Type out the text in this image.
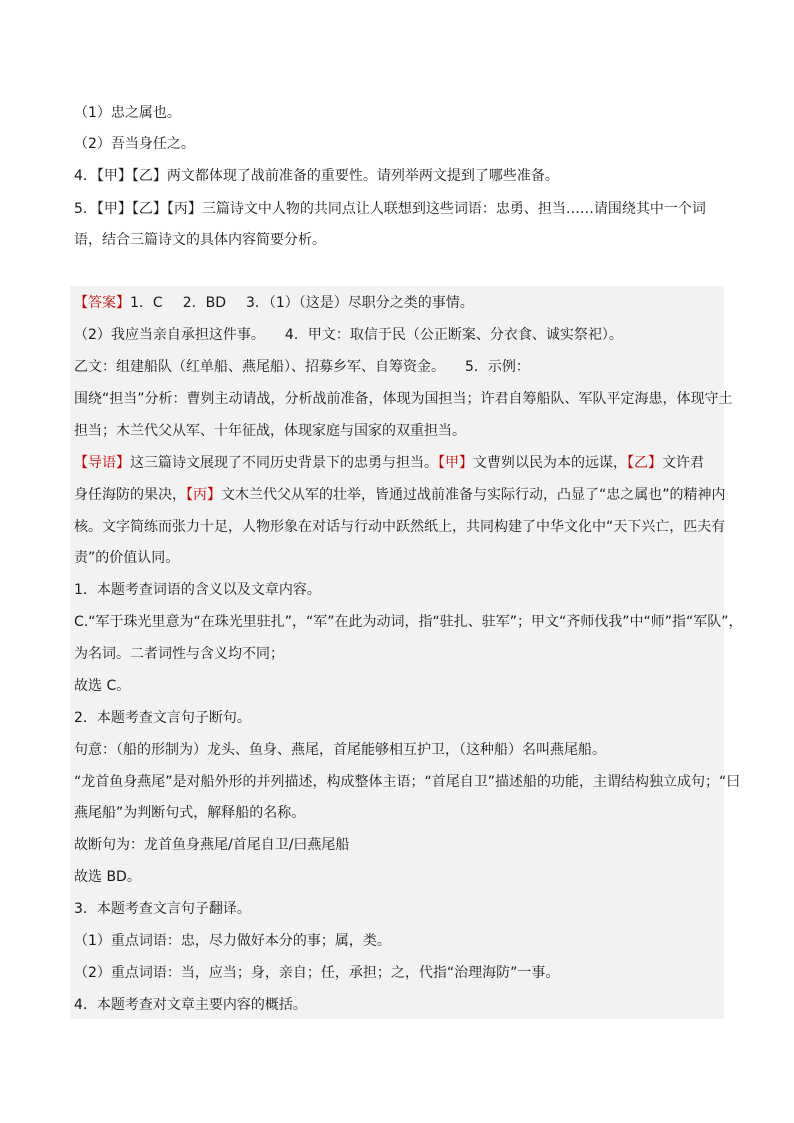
（1）忠之属也。
（2）吾当身任之。
4．【甲】【乙】两文都体现了战前准备的重要性。请列举两文提到了哪些准备。
5．【甲】【乙】【丙】三篇诗文中人物的共同点让人联想到这些词语：忠勇、担当……请围绕其中一个词
语，结合三篇诗文的具体内容简要分析。
【答案】1．C 2．BD 3．（1）（这是）尽职分之类的事情。
（2）我应当亲自承担这件事。 4．甲文：取信于民（公正断案、分衣食、诚实祭祀）。
乙文：组建船队（红单船、燕尾船）、招募乡军、自筹资金。 5．示例：
围绕“担当”分析：曹刿主动请战，分析战前准备，体现为国担当；许君自筹船队、军队平定海患，体现守土
担当；木兰代父从军、十年征战，体现家庭与国家的双重担当。
【导语】这三篇诗文展现了不同历史背景下的忠勇与担当。【甲】文曹刿以民为本的远谋，【乙】文许君
身任海防的果决，【丙】文木兰代父从军的壮举，皆通过战前准备与实际行动，凸显了“忠之属也”的精神内
核。文字简练而张力十足，人物形象在对话与行动中跃然纸上，共同构建了中华文化中“天下兴亡，匹夫有
责”的价值认同。
1．本题考查词语的含义以及文章内容。
C.“军于珠光里意为“在珠光里驻扎”，“军”在此为动词，指“驻扎、驻军”；甲文“齐师伐我”中“师”指“军队”，
为名词。二者词性与含义均不同；
故选 C。
2．本题考查文言句子断句。
句意：（船的形制为）龙头、鱼身、燕尾，首尾能够相互护卫，（这种船）名叫燕尾船。
“龙首鱼身燕尾”是对船外形的并列描述，构成整体主语；“首尾自卫”描述船的功能，主谓结构独立成句；“曰
燕尾船”为判断句式，解释船的名称。
故断句为：龙首鱼身燕尾/首尾自卫/曰燕尾船
故选 BD。
3．本题考查文言句子翻译。
（1）重点词语：忠，尽力做好本分的事；属，类。
（2）重点词语：当，应当；身，亲自；任，承担；之，代指“治理海防”一事。
4．本题考查对文章主要内容的概括。
